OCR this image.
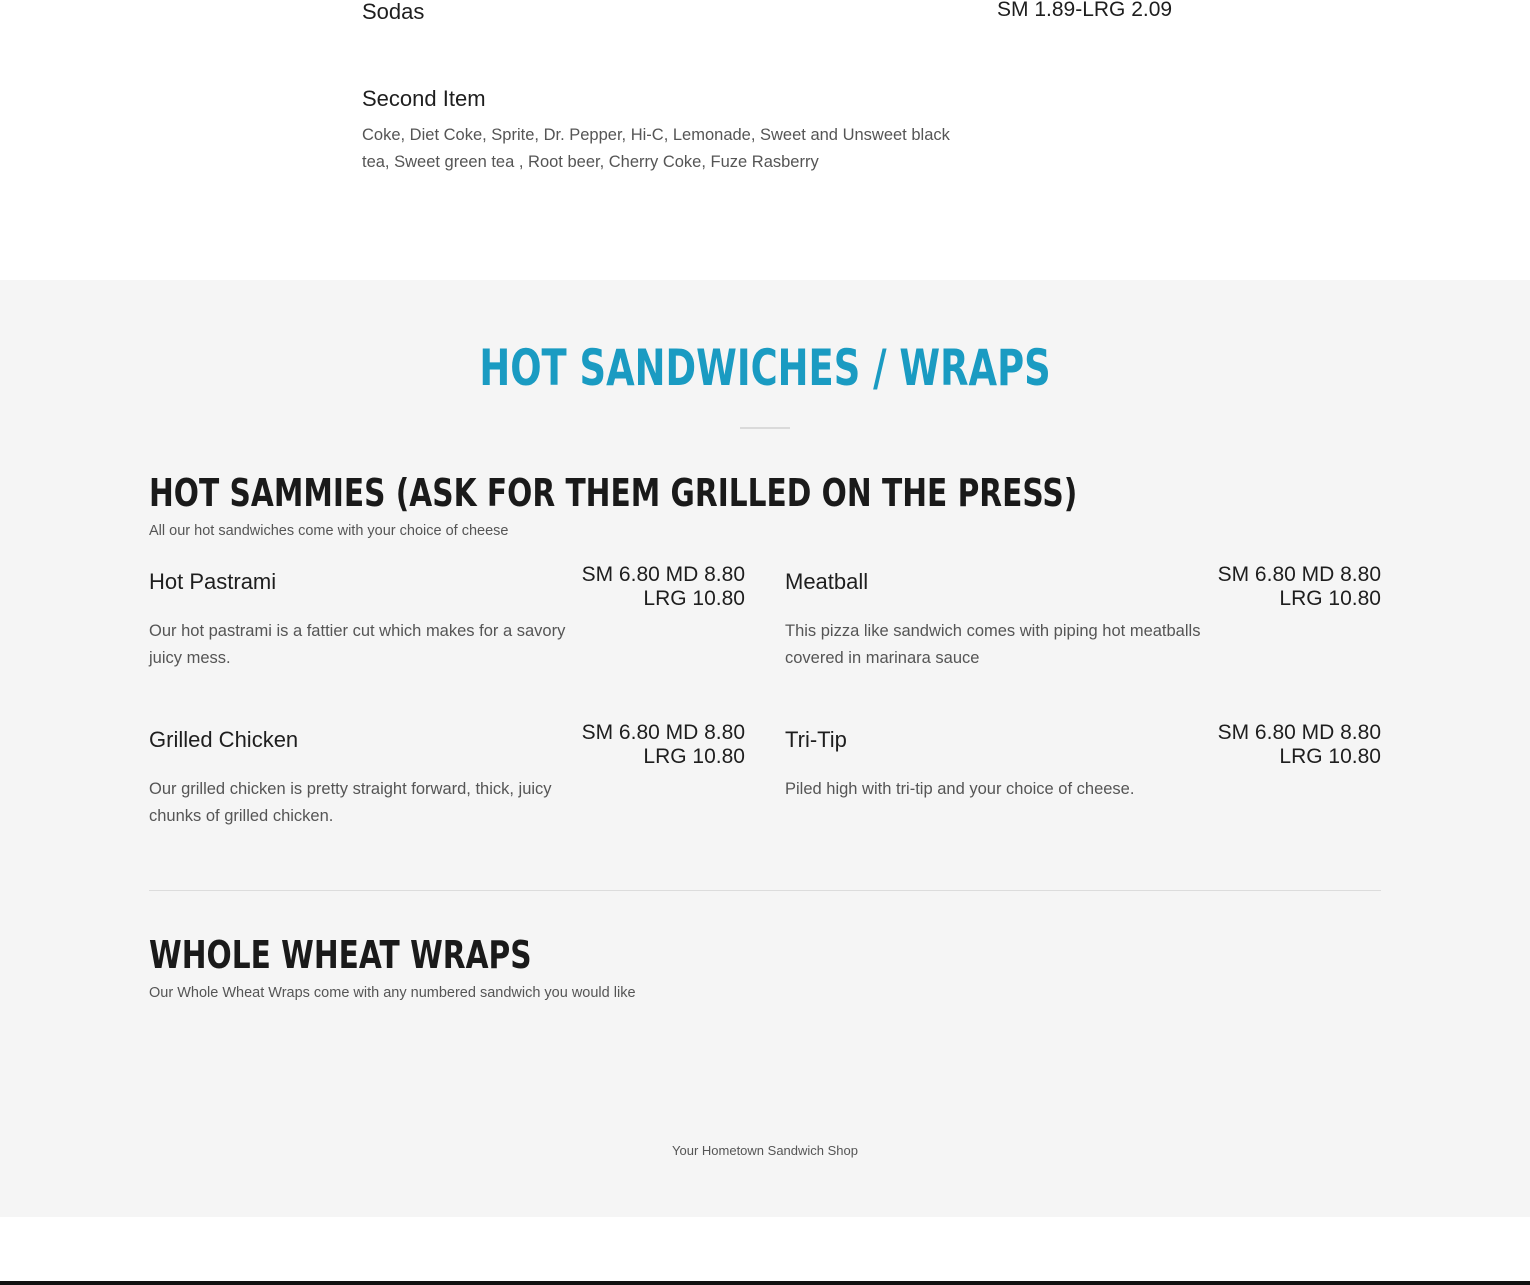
Sodas	SM 1.89-LRG 2.09
Second Item
Coke, Diet Coke, Sprite, Dr. Pepper, Hi-C, Lemonade, Sweet and Unsweet black tea, Sweet green tea , Root beer, Cherry Coke, Fuze Rasberry
HOT SANDWICHES / WRAPS
HOT SAMMIES (ASK FOR THEM GRILLED ON THE PRESS)
All our hot sandwiches come with your choice of cheese
Hot Pastrami	SM 6.80 MD 8.80 LRG 10.80
Our hot pastrami is a fattier cut which makes for a savory juicy mess.
Meatball	SM 6.80 MD 8.80 LRG 10.80
This pizza like sandwich comes with piping hot meatballs covered in marinara sauce
Grilled Chicken	SM 6.80 MD 8.80 LRG 10.80
Our grilled chicken is pretty straight forward, thick, juicy chunks of grilled chicken.
Tri-Tip	SM 6.80 MD 8.80 LRG 10.80
Piled high with tri-tip and your choice of cheese.
WHOLE WHEAT WRAPS
Our Whole Wheat Wraps come with any numbered sandwich you would like
Your Hometown Sandwich Shop
